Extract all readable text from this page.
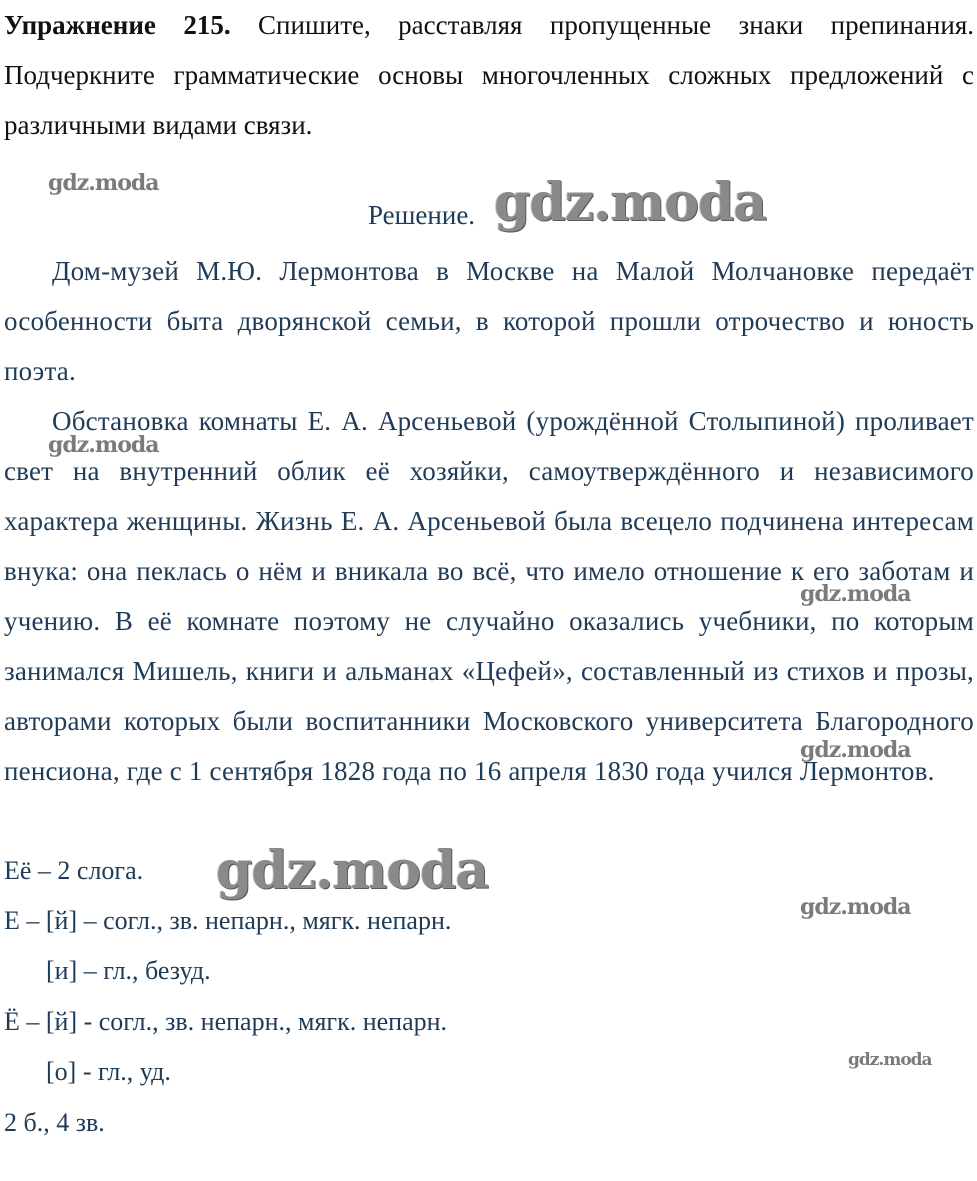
Упражнение 215. Спишите, расставляя пропущенные знаки препинания. Подчеркните грамматические основы многочленных сложных предложений с различными видами связи.
Решение.
Дом-музей М.Ю. Лермонтова в Москве на Малой Молчановке передаёт особенности быта дворянской семьи, в которой прошли отрочество и юность поэта.
Обстановка комнаты Е. А. Арсеньевой (урождённой Столыпиной) проливает свет на внутренний облик её хозяйки, самоутверждённого и независимого характера женщины. Жизнь Е. А. Арсеньевой была всецело подчинена интересам внука: она пеклась о нём и вникала во всё, что имело отношение к его заботам и учению. В её комнате поэтому не случайно оказались учебники, по которым занимался Мишель, книги и альманах «Цефей», составленный из стихов и прозы, авторами которых были воспитанники Московского университета Благородного пенсиона, где с 1 сентября 1828 года по 16 апреля 1830 года учился Лермонтов.
Её – 2 слога.
Е – [й] – согл., зв. непарн., мягк. непарн.
[и] – гл., безуд.
Ё – [й] - согл., зв. непарн., мягк. непарн.
[о] - гл., уд.
2 б., 4 зв.
gdz.moda	gdz.moda
gdz.moda
gdz.moda
gdz.moda
gdz.moda
gdz.moda
gdz.moda
